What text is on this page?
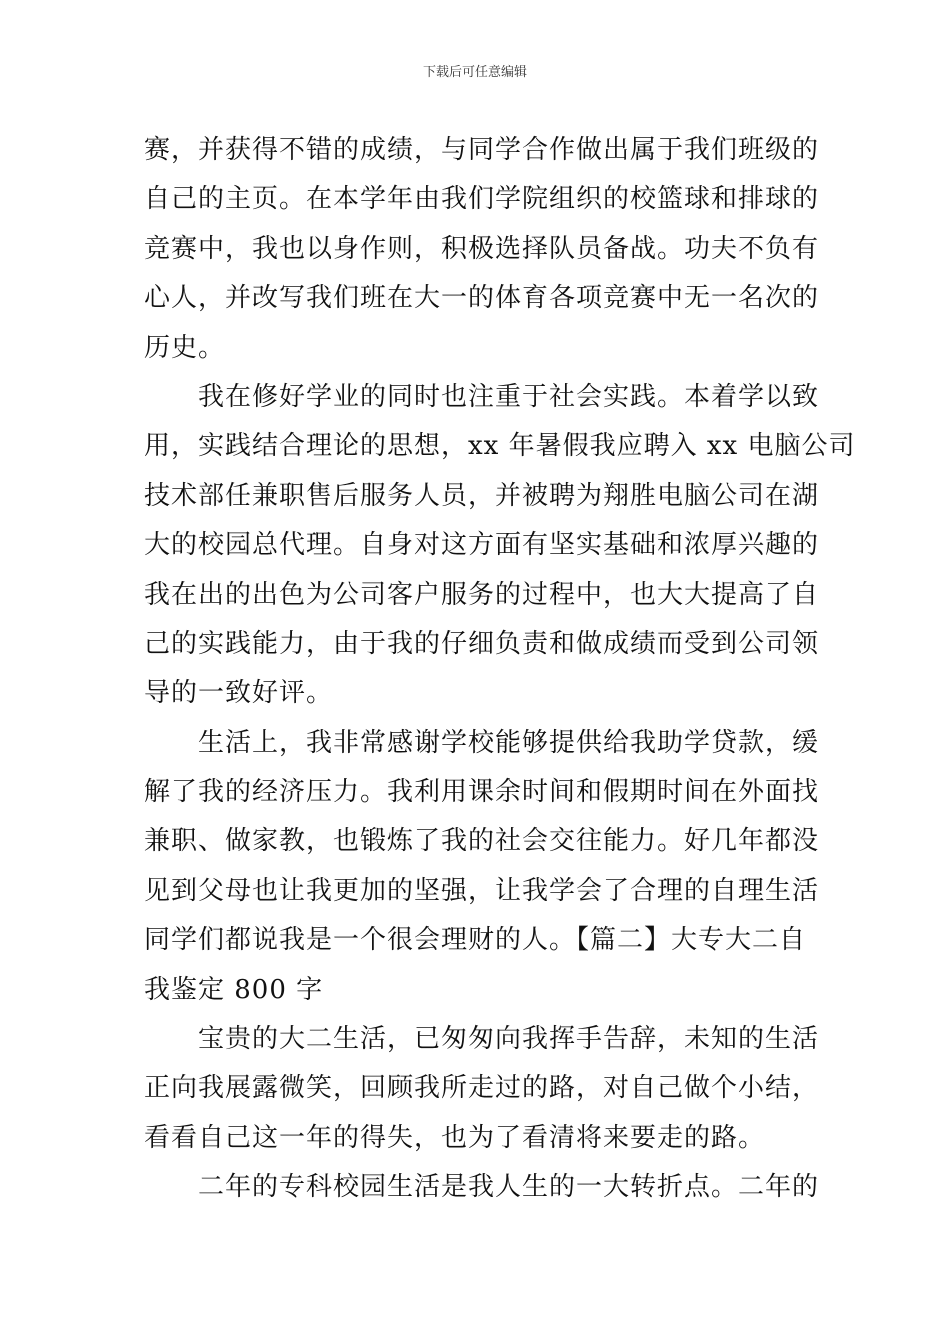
下载后可任意编辑
赛，并获得不错的成绩，与同学合作做出属于我们班级的
自己的主页。在本学年由我们学院组织的校篮球和排球的
竞赛中，我也以身作则，积极选择队员备战。功夫不负有
心人，并改写我们班在大一的体育各项竞赛中无一名次的
历史。
我在修好学业的同时也注重于社会实践。本着学以致
用，实践结合理论的思想，xx 年暑假我应聘入 xx 电脑公司
技术部任兼职售后服务人员，并被聘为翔胜电脑公司在湖
大的校园总代理。自身对这方面有坚实基础和浓厚兴趣的
我在出的出色为公司客户服务的过程中，也大大提高了自
己的实践能力，由于我的仔细负责和做成绩而受到公司领
导的一致好评。
生活上，我非常感谢学校能够提供给我助学贷款，缓
解了我的经济压力。我利用课余时间和假期时间在外面找
兼职、做家教，也锻炼了我的社会交往能力。好几年都没
见到父母也让我更加的坚强，让我学会了合理的自理生活
同学们都说我是一个很会理财的人。【篇二】大专大二自
我鉴定 800 字
宝贵的大二生活，已匆匆向我挥手告辞，未知的生活
正向我展露微笑，回顾我所走过的路，对自己做个小结，
看看自己这一年的得失，也为了看清将来要走的路。
二年的专科校园生活是我人生的一大转折点。二年的
